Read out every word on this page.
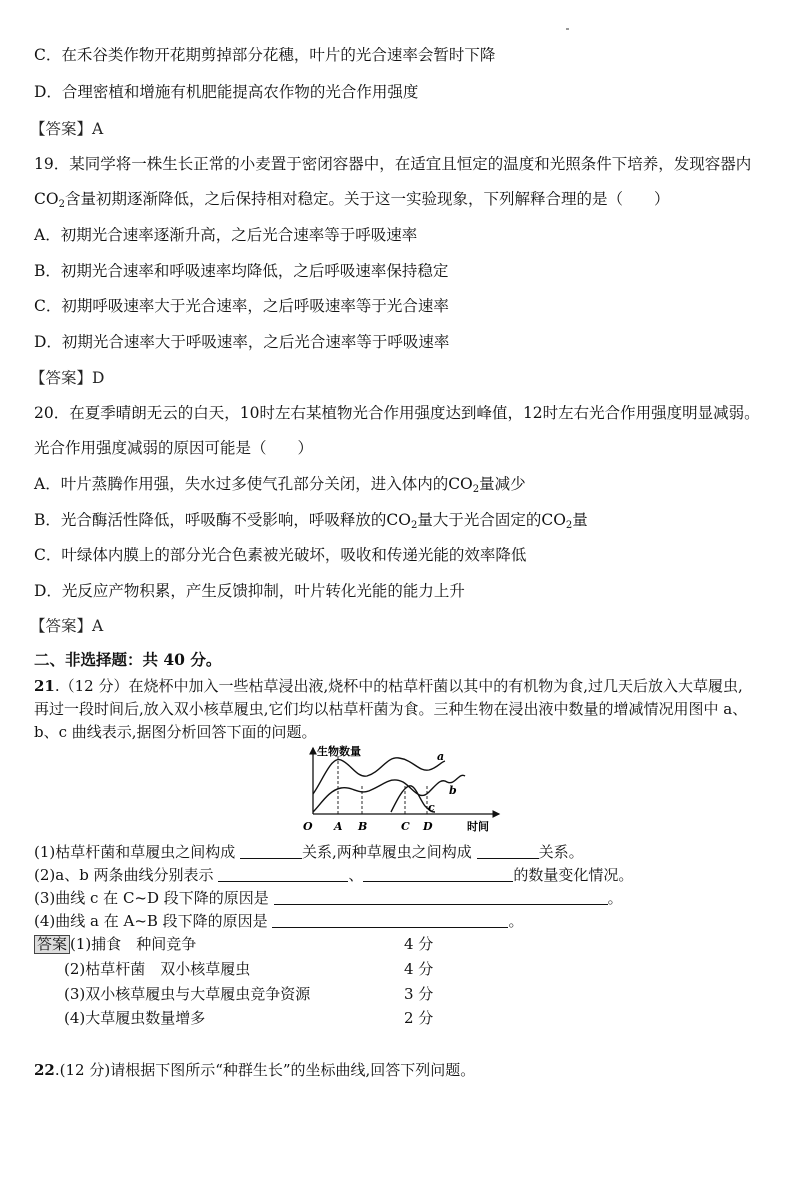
C．在禾谷类作物开花期剪掉部分花穗，叶片的光合速率会暂时下降
D．合理密植和增施有机肥能提高农作物的光合作用强度
【答案】A
19．某同学将一株生长正常的小麦置于密闭容器中，在适宜且恒定的温度和光照条件下培养，发现容器内
$CO_2$含量初期逐渐降低，之后保持相对稳定。关于这一实验现象，下列解释合理的是（　　）
A．初期光合速率逐渐升高，之后光合速率等于呼吸速率
B．初期光合速率和呼吸速率均降低，之后呼吸速率保持稳定
C．初期呼吸速率大于光合速率，之后呼吸速率等于光合速率
D．初期光合速率大于呼吸速率，之后光合速率等于呼吸速率
【答案】D
20．在夏季晴朗无云的白天，10时左右某植物光合作用强度达到峰值，12时左右光合作用强度明显减弱。
光合作用强度减弱的原因可能是（　　）
A．叶片蒸腾作用强，失水过多使气孔部分关闭，进入体内的$CO_2$量减少
B．光合酶活性降低，呼吸酶不受影响，呼吸释放的$CO_2$量大于光合固定的$CO_2$量
C．叶绿体内膜上的部分光合色素被光破坏，吸收和传递光能的效率降低
D．光反应产物积累，产生反馈抑制，叶片转化光能的能力上升
【答案】A
二、非选择题：共 40 分。
21.（12 分）在烧杯中加入一些枯草浸出液,烧杯中的枯草杆菌以其中的有机物为食,过几天后放入大草履虫,
再过一段时间后,放入双小核草履虫,它们均以枯草杆菌为食。三种生物在浸出液中数量的增减情况用图中 a、
b、c 曲线表示,据图分析回答下面的问题。
生物数量
时间
O A B	C D
a
b
c
(1)枯草杆菌和草履虫之间构成	关系,两种草履虫之间构成	关系。
(2)a、b 两条曲线分别表示	、	的数量变化情况。
(3)曲线 c 在 C~D 段下降的原因是	。
(4)曲线 a 在 A~B 段下降的原因是	。
答案 (1)捕食　种间竞争	4 分
(2)枯草杆菌　双小核草履虫	4 分
(3)双小核草履虫与大草履虫竞争资源	3 分
(4)大草履虫数量增多	2 分
22.(12 分)请根据下图所示“种群生长”的坐标曲线,回答下列问题。
